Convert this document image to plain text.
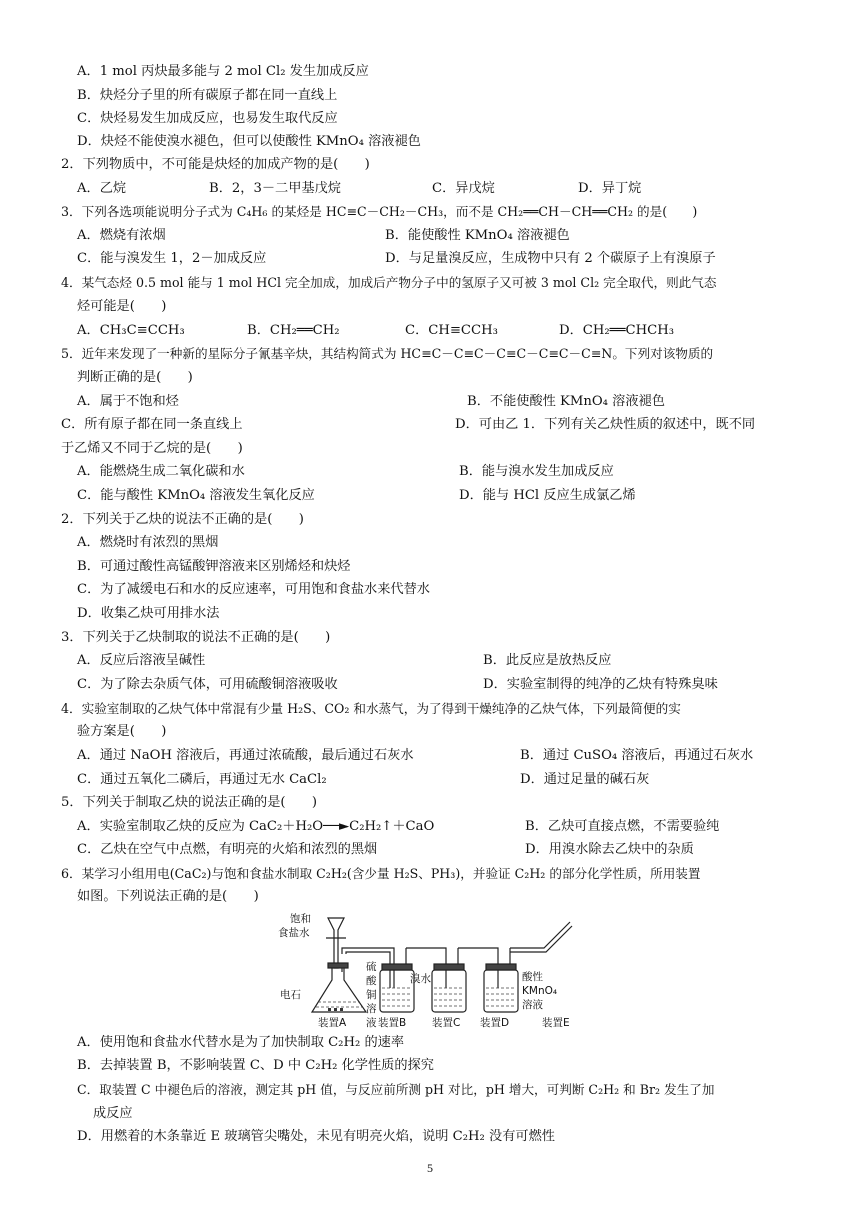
A．1 mol 丙炔最多能与 2 mol Cl₂ 发生加成反应
B．炔烃分子里的所有碳原子都在同一直线上
C．炔烃易发生加成反应，也易发生取代反应
D．炔烃不能使溴水褪色，但可以使酸性 KMnO₄ 溶液褪色
2．下列物质中，不可能是炔烃的加成产物的是(　　)
A．乙烷	B．2，3－二甲基戊烷	C．异戊烷	D．异丁烷
3．下列各选项能说明分子式为 C₄H₆ 的某烃是 HC≡C－CH₂－CH₃，而不是 CH₂══CH－CH══CH₂ 的是(　　)
A．燃烧有浓烟	B．能使酸性 KMnO₄ 溶液褪色
C．能与溴发生 1，2－加成反应	D．与足量溴反应，生成物中只有 2 个碳原子上有溴原子
4．某气态烃 0.5 mol 能与 1 mol HCl 完全加成，加成后产物分子中的氢原子又可被 3 mol Cl₂ 完全取代，则此气态
烃可能是(　　)
A．CH₃C≡CCH₃	B．CH₂══CH₂	C．CH≡CCH₃	D．CH₂══CHCH₃
5．近年来发现了一种新的星际分子氰基辛炔，其结构简式为 HC≡C－C≡C－C≡C－C≡C－C≡N。下列对该物质的
判断正确的是(　　)
A．属于不饱和烃	B．不能使酸性 KMnO₄ 溶液褪色
C．所有原子都在同一条直线上	D．可由乙 1．下列有关乙炔性质的叙述中，既不同
于乙烯又不同于乙烷的是(　　)
A．能燃烧生成二氧化碳和水	B．能与溴水发生加成反应
C．能与酸性 KMnO₄ 溶液发生氧化反应	D．能与 HCl 反应生成氯乙烯
2．下列关于乙炔的说法不正确的是(　　)
A．燃烧时有浓烈的黑烟
B．可通过酸性高锰酸钾溶液来区别烯烃和炔烃
C．为了减缓电石和水的反应速率，可用饱和食盐水来代替水
D．收集乙炔可用排水法
3．下列关于乙炔制取的说法不正确的是(　　)
A．反应后溶液呈碱性	B．此反应是放热反应
C．为了除去杂质气体，可用硫酸铜溶液吸收	D．实验室制得的纯净的乙炔有特殊臭味
4．实验室制取的乙炔气体中常混有少量 H₂S、CO₂ 和水蒸气，为了得到干燥纯净的乙炔气体，下列最简便的实
验方案是(　　)
A．通过 NaOH 溶液后，再通过浓硫酸，最后通过石灰水	B．通过 CuSO₄ 溶液后，再通过石灰水
C．通过五氧化二磷后，再通过无水 CaCl₂	D．通过足量的碱石灰
5．下列关于制取乙炔的说法正确的是(　　)
A．实验室制取乙炔的反应为 CaC₂＋H₂O──►C₂H₂↑＋CaO	B．乙炔可直接点燃，不需要验纯
C．乙炔在空气中点燃，有明亮的火焰和浓烈的黑烟	D．用溴水除去乙炔中的杂质
6．某学习小组用电(CaC₂)与饱和食盐水制取 C₂H₂(含少量 H₂S、PH₃)，并验证 C₂H₂ 的部分化学性质，所用装置
如图。下列说法正确的是(　　)
饱和
食盐水
电石
硫
酸
铜
溶
液
溴水	酸性
KMnO₄
溶液
装置A	装置B 装置C 装置D	装置E
A．使用饱和食盐水代替水是为了加快制取 C₂H₂ 的速率
B．去掉装置 B，不影响装置 C、D 中 C₂H₂ 化学性质的探究
C．取装置 C 中褪色后的溶液，测定其 pH 值，与反应前所测 pH 对比，pH 增大，可判断 C₂H₂ 和 Br₂ 发生了加
成反应
D．用燃着的木条靠近 E 玻璃管尖嘴处，未见有明亮火焰，说明 C₂H₂ 没有可燃性
5
